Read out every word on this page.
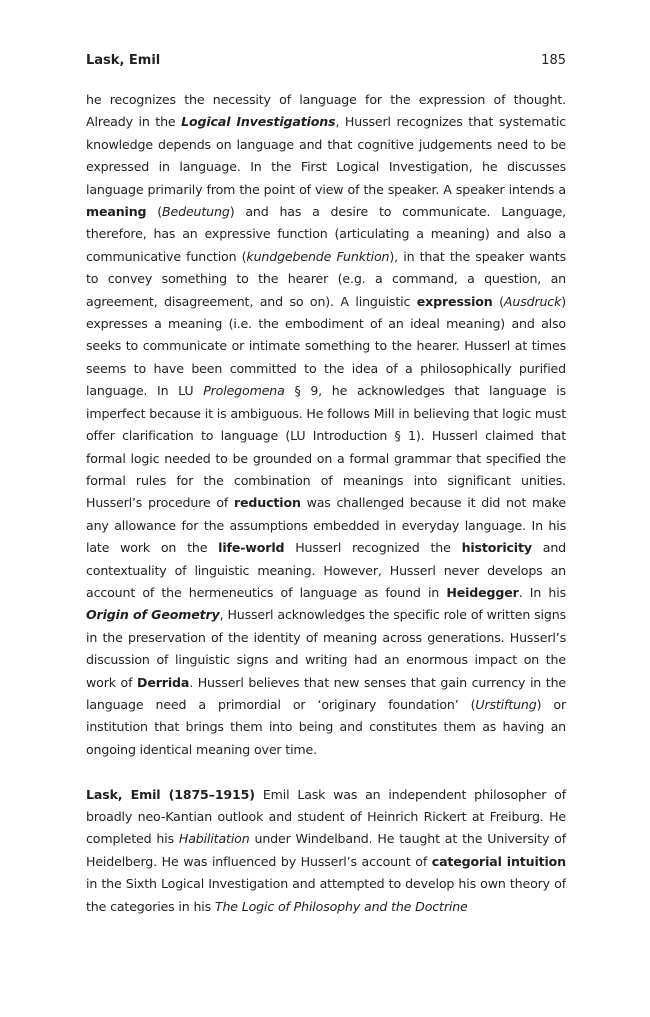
Lask, Emil	185

he recognizes the necessity of language for the expression of thought. Already in the Logical Investigations, Husserl recognizes that systematic knowledge depends on language and that cognitive judgements need to be expressed in language. In the First Logical Investigation, he discusses language primarily from the point of view of the speaker. A speaker intends a meaning (Bedeutung) and has a desire to communicate. Language, therefore, has an expressive function (articulating a meaning) and also a communicative function (kundgebende Funktion), in that the speaker wants to convey something to the hearer (e.g. a command, a question, an agreement, disagreement, and so on). A linguistic expression (Ausdruck) expresses a meaning (i.e. the embodiment of an ideal meaning) and also seeks to communicate or intimate something to the hearer. Husserl at times seems to have been committed to the idea of a philosophically purified language. In LU Prolegomena § 9, he acknowledges that language is imperfect because it is ambiguous. He follows Mill in believing that logic must offer clarification to language (LU Introduction § 1). Husserl claimed that formal logic needed to be grounded on a formal grammar that specified the formal rules for the combination of meanings into significant unities. Husserl’s procedure of reduction was challenged because it did not make any allowance for the assumptions embedded in everyday language. In his late work on the life-world Husserl recognized the historicity and contextuality of linguistic meaning. However, Husserl never develops an account of the hermeneutics of language as found in Heidegger. In his Origin of Geometry, Husserl acknowledges the specific role of written signs in the preservation of the identity of meaning across generations. Husserl’s discussion of linguistic signs and writing had an enormous impact on the work of Derrida. Husserl believes that new senses that gain currency in the language need a primordial or ‘originary foundation’ (Urstiftung) or institution that brings them into being and constitutes them as having an ongoing identical meaning over time.

Lask, Emil (1875–1915) Emil Lask was an independent philosopher of broadly neo-Kantian outlook and student of Heinrich Rickert at Freiburg. He completed his Habilitation under Windelband. He taught at the University of Heidelberg. He was influenced by Husserl’s account of categorial intuition in the Sixth Logical Investigation and attempted to develop his own theory of the categories in his The Logic of Philosophy and the Doctrine
